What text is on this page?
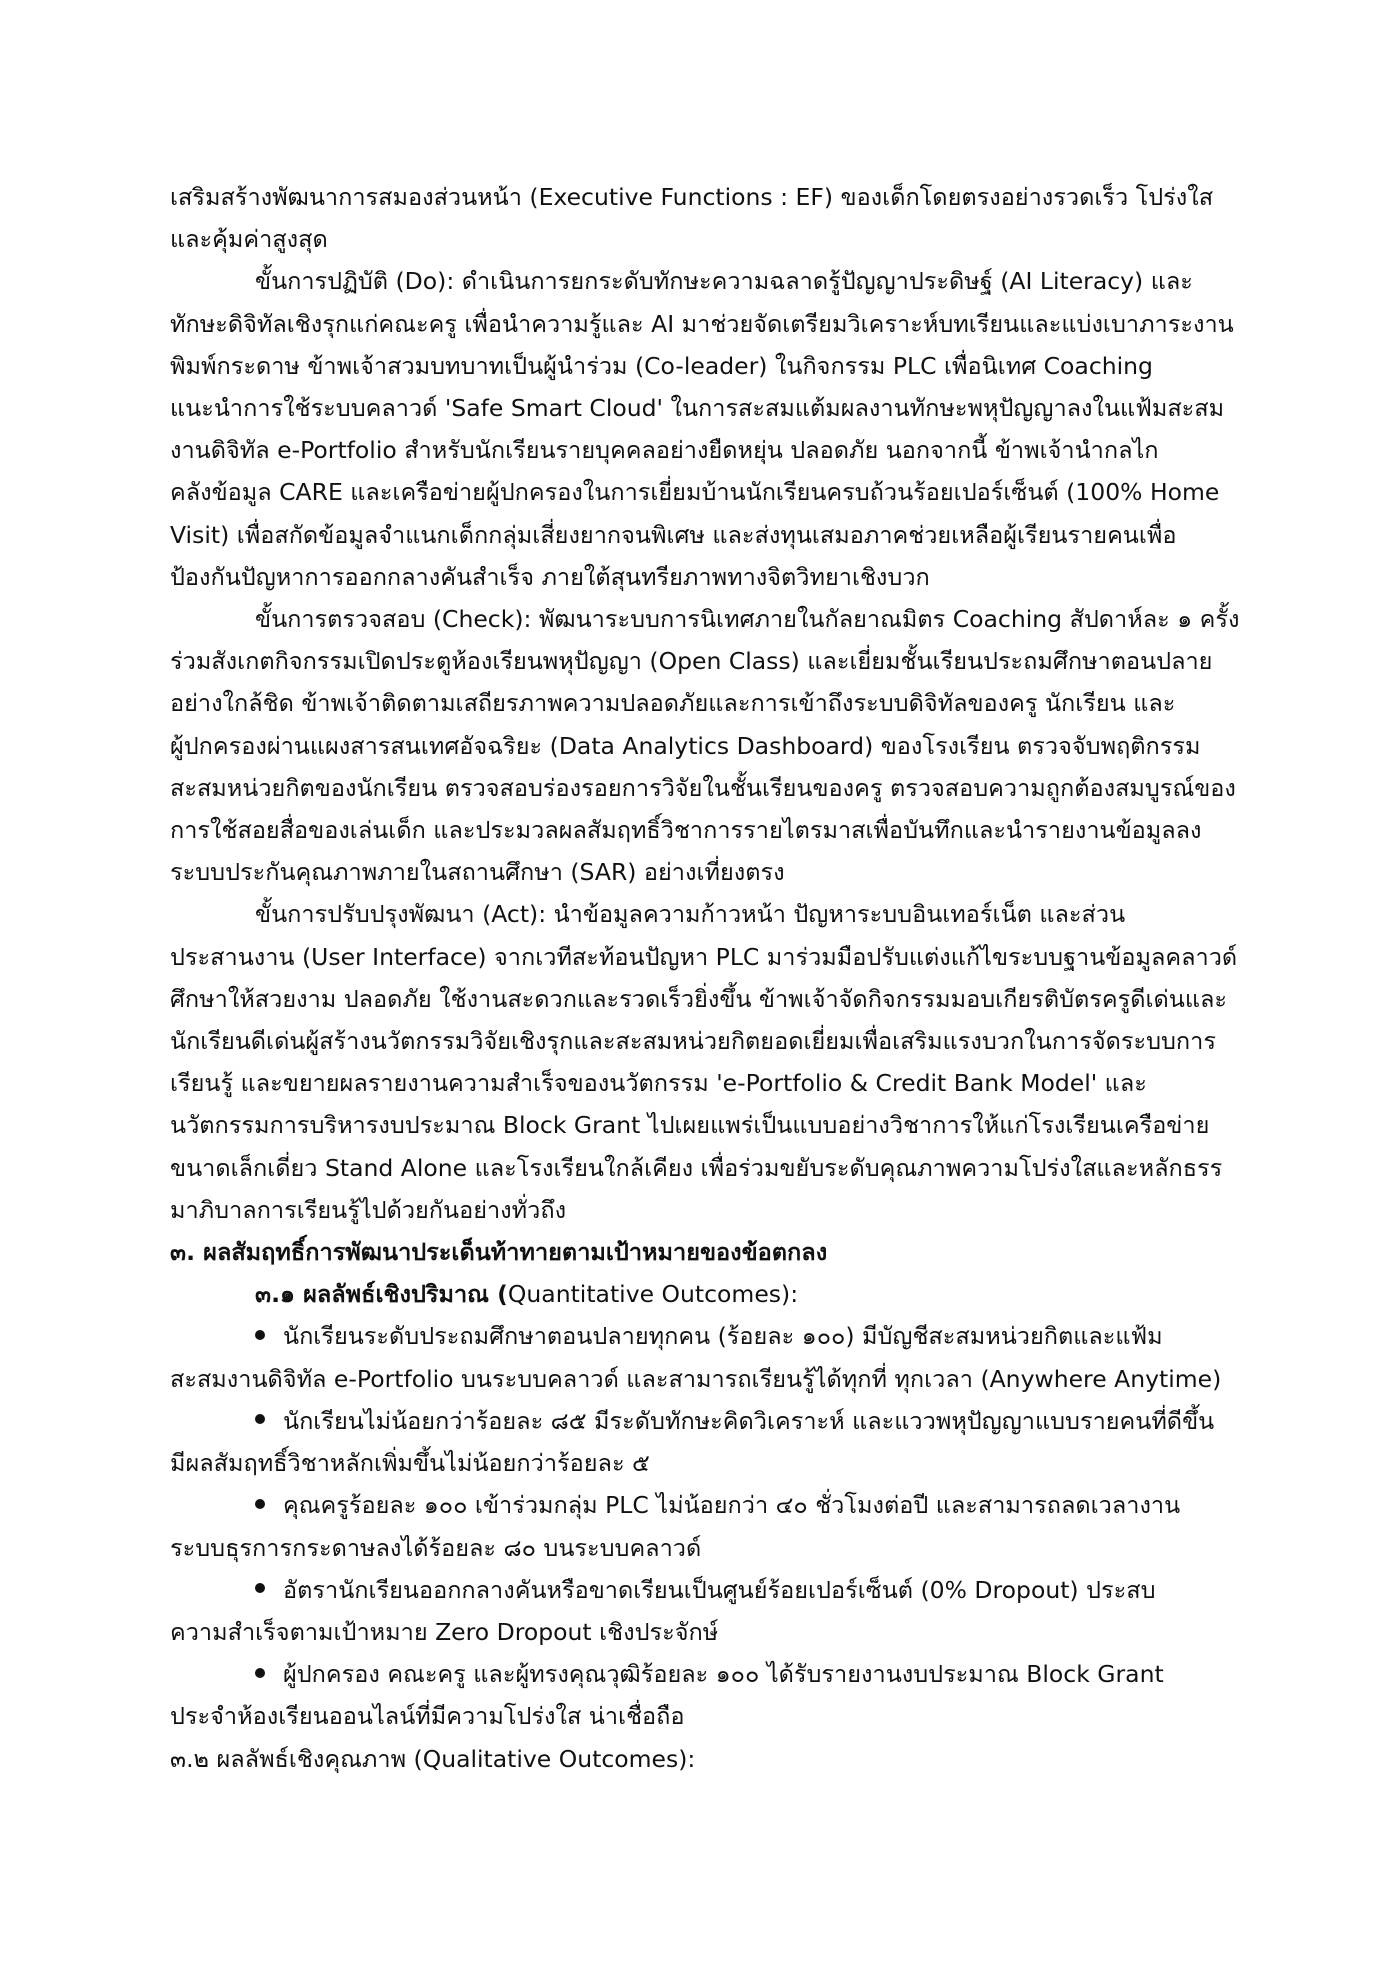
เสริมสร้างพัฒนาการสมองส่วนหน้า (Executive Functions : EF) ของเด็กโดยตรงอย่างรวดเร็ว โปร่งใส

และคุ้มค่าสูงสุด

ขั้นการปฏิบัติ (Do): ดำเนินการยกระดับทักษะความฉลาดรู้ปัญญาประดิษฐ์ (AI Literacy) และ

ทักษะดิจิทัลเชิงรุกแก่คณะครู เพื่อนำความรู้และ AI มาช่วยจัดเตรียมวิเคราะห์บทเรียนและแบ่งเบาภาระงาน

พิมพ์กระดาษ ข้าพเจ้าสวมบทบาทเป็นผู้นำร่วม (Co-leader) ในกิจกรรม PLC เพื่อนิเทศ Coaching

แนะนำการใช้ระบบคลาวด์ 'Safe Smart Cloud' ในการสะสมแต้มผลงานทักษะพหุปัญญาลงในแฟ้มสะสม

งานดิจิทัล e-Portfolio สำหรับนักเรียนรายบุคคลอย่างยืดหยุ่น ปลอดภัย นอกจากนี้ ข้าพเจ้านำกลไก

คลังข้อมูล CARE และเครือข่ายผู้ปกครองในการเยี่ยมบ้านนักเรียนครบถ้วนร้อยเปอร์เซ็นต์ (100% Home

Visit) เพื่อสกัดข้อมูลจำแนกเด็กกลุ่มเสี่ยงยากจนพิเศษ และส่งทุนเสมอภาคช่วยเหลือผู้เรียนรายคนเพื่อ

ป้องกันปัญหาการออกกลางคันสำเร็จ ภายใต้สุนทรียภาพทางจิตวิทยาเชิงบวก

ขั้นการตรวจสอบ (Check): พัฒนาระบบการนิเทศภายในกัลยาณมิตร Coaching สัปดาห์ละ ๑ ครั้ง

ร่วมสังเกตกิจกรรมเปิดประตูห้องเรียนพหุปัญญา (Open Class) และเยี่ยมชั้นเรียนประถมศึกษาตอนปลาย

อย่างใกล้ชิด ข้าพเจ้าติดตามเสถียรภาพความปลอดภัยและการเข้าถึงระบบดิจิทัลของครู นักเรียน และ

ผู้ปกครองผ่านแผงสารสนเทศอัจฉริยะ (Data Analytics Dashboard) ของโรงเรียน ตรวจจับพฤติกรรม

สะสมหน่วยกิตของนักเรียน ตรวจสอบร่องรอยการวิจัยในชั้นเรียนของครู ตรวจสอบความถูกต้องสมบูรณ์ของ

การใช้สอยสื่อของเล่นเด็ก และประมวลผลสัมฤทธิ์วิชาการรายไตรมาสเพื่อบันทึกและนำรายงานข้อมูลลง

ระบบประกันคุณภาพภายในสถานศึกษา (SAR) อย่างเที่ยงตรง

ขั้นการปรับปรุงพัฒนา (Act): นำข้อมูลความก้าวหน้า ปัญหาระบบอินเทอร์เน็ต และส่วน

ประสานงาน (User Interface) จากเวทีสะท้อนปัญหา PLC มาร่วมมือปรับแต่งแก้ไขระบบฐานข้อมูลคลาวด์

ศึกษาให้สวยงาม ปลอดภัย ใช้งานสะดวกและรวดเร็วยิ่งขึ้น ข้าพเจ้าจัดกิจกรรมมอบเกียรติบัตรครูดีเด่นและ

นักเรียนดีเด่นผู้สร้างนวัตกรรมวิจัยเชิงรุกและสะสมหน่วยกิตยอดเยี่ยมเพื่อเสริมแรงบวกในการจัดระบบการ

เรียนรู้ และขยายผลรายงานความสำเร็จของนวัตกรรม 'e-Portfolio & Credit Bank Model' และ

นวัตกรรมการบริหารงบประมาณ Block Grant ไปเผยแพร่เป็นแบบอย่างวิชาการให้แก่โรงเรียนเครือข่าย

ขนาดเล็กเดี่ยว Stand Alone และโรงเรียนใกล้เคียง เพื่อร่วมขยับระดับคุณภาพความโปร่งใสและหลักธรร

มาภิบาลการเรียนรู้ไปด้วยกันอย่างทั่วถึง

๓. ผลสัมฤทธิ์การพัฒนาประเด็นท้าทายตามเป้าหมายของข้อตกลง

๓.๑ ผลลัพธ์เชิงปริมาณ (Quantitative Outcomes):

นักเรียนระดับประถมศึกษาตอนปลายทุกคน (ร้อยละ ๑๐๐) มีบัญชีสะสมหน่วยกิตและแฟ้ม

สะสมงานดิจิทัล e-Portfolio บนระบบคลาวด์ และสามารถเรียนรู้ได้ทุกที่ ทุกเวลา (Anywhere Anytime)

นักเรียนไม่น้อยกว่าร้อยละ ๘๕ มีระดับทักษะคิดวิเคราะห์ และแววพหุปัญญาแบบรายคนที่ดีขึ้น

มีผลสัมฤทธิ์วิชาหลักเพิ่มขึ้นไม่น้อยกว่าร้อยละ ๕

คุณครูร้อยละ ๑๐๐ เข้าร่วมกลุ่ม PLC ไม่น้อยกว่า ๔๐ ชั่วโมงต่อปี และสามารถลดเวลางาน

ระบบธุรการกระดาษลงได้ร้อยละ ๘๐ บนระบบคลาวด์

อัตรานักเรียนออกกลางคันหรือขาดเรียนเป็นศูนย์ร้อยเปอร์เซ็นต์ (0% Dropout) ประสบ

ความสำเร็จตามเป้าหมาย Zero Dropout เชิงประจักษ์

ผู้ปกครอง คณะครู และผู้ทรงคุณวุฒิร้อยละ ๑๐๐ ได้รับรายงานงบประมาณ Block Grant

ประจำห้องเรียนออนไลน์ที่มีความโปร่งใส น่าเชื่อถือ

๓.๒ ผลลัพธ์เชิงคุณภาพ (Qualitative Outcomes):
